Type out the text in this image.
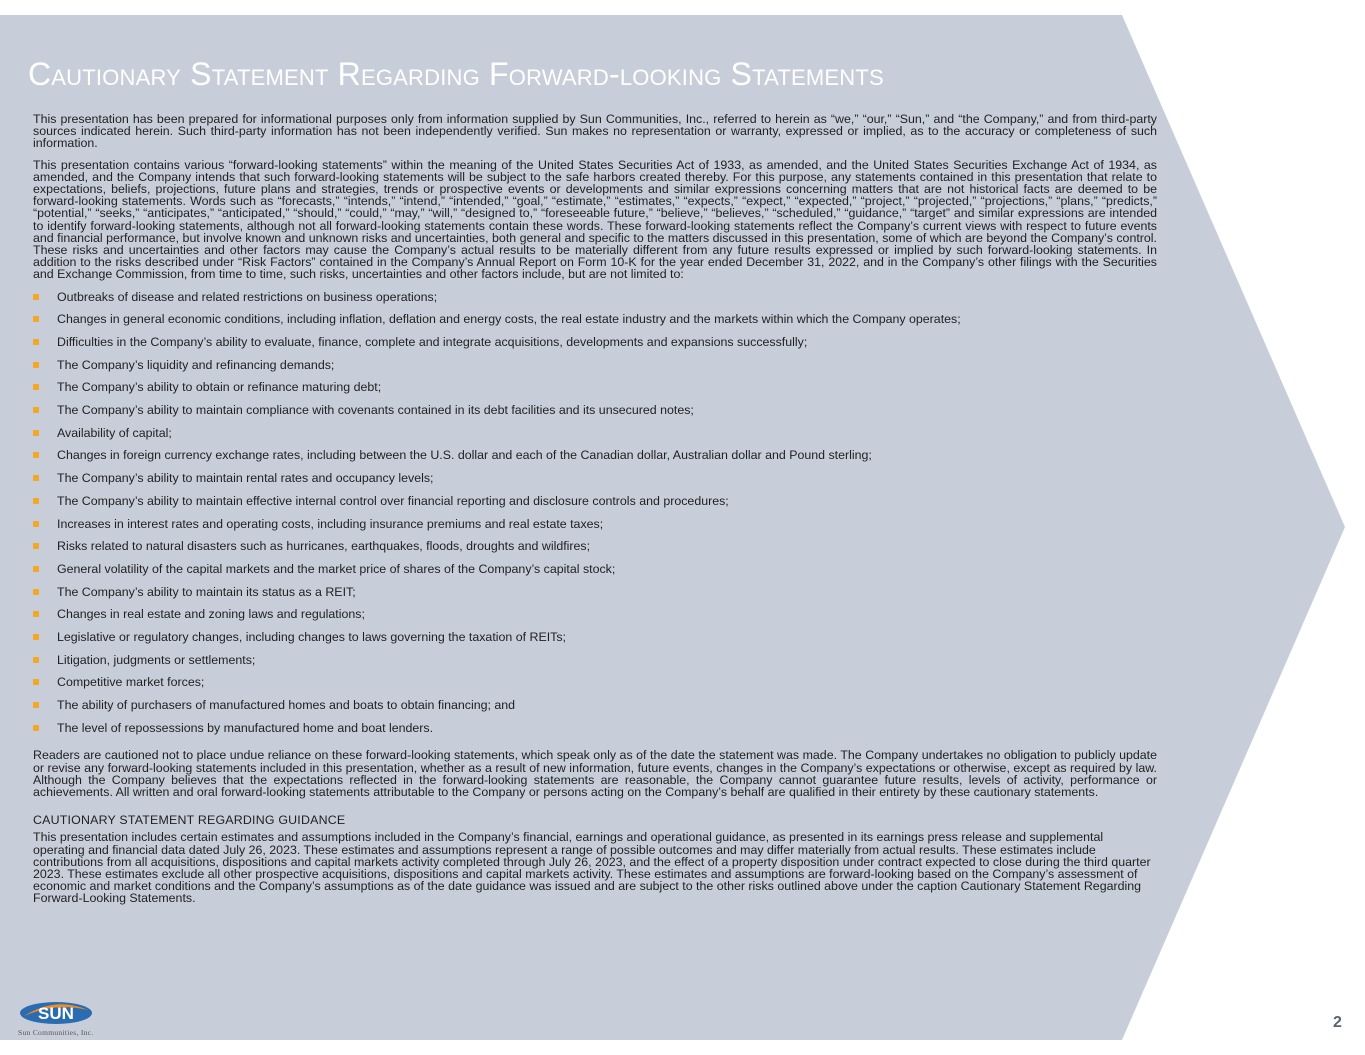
Cautionary Statement Regarding Forward-looking Statements

This presentation has been prepared for informational purposes only from information supplied by Sun Communities, Inc., referred to herein as “we,” “our,” “Sun,” and “the Company,” and from third-party sources indicated herein. Such third-party information has not been independently verified. Sun makes no representation or warranty, expressed or implied, as to the accuracy or completeness of such information.

This presentation contains various “forward-looking statements” within the meaning of the United States Securities Act of 1933, as amended, and the United States Securities Exchange Act of 1934, as amended, and the Company intends that such forward-looking statements will be subject to the safe harbors created thereby. For this purpose, any statements contained in this presentation that relate to expectations, beliefs, projections, future plans and strategies, trends or prospective events or developments and similar expressions concerning matters that are not historical facts are deemed to be forward-looking statements. Words such as “forecasts,” “intends,” “intend,” “intended,” “goal,” “estimate,” “estimates,” “expects,” “expect,” “expected,” “project,” “projected,” “projections,” “plans,” “predicts,” “potential,” “seeks,” “anticipates,” “anticipated,” “should,” “could,” “may,” “will,” “designed to,” “foreseeable future,” “believe,” “believes,” “scheduled,” “guidance,” “target” and similar expressions are intended to identify forward-looking statements, although not all forward-looking statements contain these words. These forward-looking statements reflect the Company’s current views with respect to future events and financial performance, but involve known and unknown risks and uncertainties, both general and specific to the matters discussed in this presentation, some of which are beyond the Company’s control. These risks and uncertainties and other factors may cause the Company’s actual results to be materially different from any future results expressed or implied by such forward-looking statements. In addition to the risks described under “Risk Factors” contained in the Company’s Annual Report on Form 10-K for the year ended December 31, 2022, and in the Company’s other filings with the Securities and Exchange Commission, from time to time, such risks, uncertainties and other factors include, but are not limited to:

Outbreaks of disease and related restrictions on business operations;
Changes in general economic conditions, including inflation, deflation and energy costs, the real estate industry and the markets within which the Company operates;
Difficulties in the Company’s ability to evaluate, finance, complete and integrate acquisitions, developments and expansions successfully;
The Company’s liquidity and refinancing demands;
The Company’s ability to obtain or refinance maturing debt;
The Company’s ability to maintain compliance with covenants contained in its debt facilities and its unsecured notes;
Availability of capital;
Changes in foreign currency exchange rates, including between the U.S. dollar and each of the Canadian dollar, Australian dollar and Pound sterling;
The Company’s ability to maintain rental rates and occupancy levels;
The Company’s ability to maintain effective internal control over financial reporting and disclosure controls and procedures;
Increases in interest rates and operating costs, including insurance premiums and real estate taxes;
Risks related to natural disasters such as hurricanes, earthquakes, floods, droughts and wildfires;
General volatility of the capital markets and the market price of shares of the Company’s capital stock;
The Company’s ability to maintain its status as a REIT;
Changes in real estate and zoning laws and regulations;
Legislative or regulatory changes, including changes to laws governing the taxation of REITs;
Litigation, judgments or settlements;
Competitive market forces;
The ability of purchasers of manufactured homes and boats to obtain financing; and
The level of repossessions by manufactured home and boat lenders.

Readers are cautioned not to place undue reliance on these forward-looking statements, which speak only as of the date the statement was made. The Company undertakes no obligation to publicly update or revise any forward-looking statements included in this presentation, whether as a result of new information, future events, changes in the Company’s expectations or otherwise, except as required by law. Although the Company believes that the expectations reflected in the forward-looking statements are reasonable, the Company cannot guarantee future results, levels of activity, performance or achievements. All written and oral forward-looking statements attributable to the Company or persons acting on the Company’s behalf are qualified in their entirety by these cautionary statements.

CAUTIONARY STATEMENT REGARDING GUIDANCE

This presentation includes certain estimates and assumptions included in the Company’s financial, earnings and operational guidance, as presented in its earnings press release and supplemental operating and financial data dated July 26, 2023. These estimates and assumptions represent a range of possible outcomes and may differ materially from actual results. These estimates include contributions from all acquisitions, dispositions and capital markets activity completed through July 26, 2023, and the effect of a property disposition under contract expected to close during the third quarter 2023. These estimates exclude all other prospective acquisitions, dispositions and capital markets activity. These estimates and assumptions are forward-looking based on the Company’s assessment of economic and market conditions and the Company’s assumptions as of the date guidance was issued and are subject to the other risks outlined above under the caption Cautionary Statement Regarding Forward-Looking Statements.

SUN
Sun Communities, Inc.
2
